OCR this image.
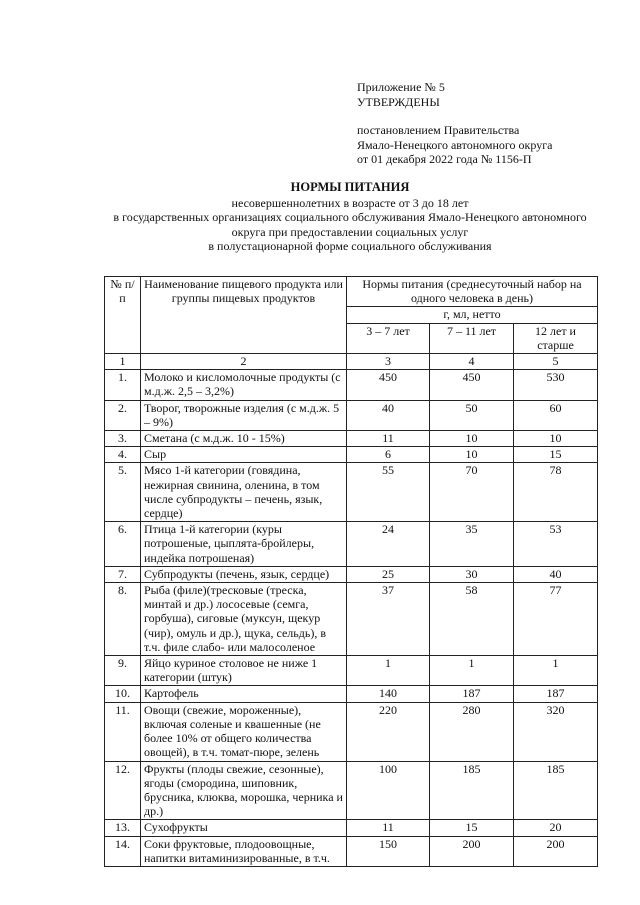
Приложение № 5
УТВЕРЖДЕНЫ
постановлением Правительства
Ямало-Ненецкого автономного округа
от 01 декабря 2022 года № 1156-П
НОРМЫ ПИТАНИЯ
несовершеннолетних в возрасте от 3 до 18 лет
в государственных организациях социального обслуживания Ямало-Ненецкого автономного
округа при предоставлении социальных услуг
в полустационарной форме социального обслуживания
№ п/п	Наименование пищевого продукта или группы пищевых продуктов	Нормы питания (среднесуточный набор на одного человека в день)		
		г, мл, нетто		
		3 – 7 лет	7 – 11 лет	12 лет и старше
1	2	3	4	5
1.	Молоко и кисломолочные продукты (с м.д.ж. 2,5 – 3,2%)	450	450	530
2.	Творог, творожные изделия (с м.д.ж. 5 – 9%)	40	50	60
3.	Сметана (с м.д.ж. 10 - 15%)	11	10	10
4.	Сыр	6	10	15
5.	Мясо 1-й категории (говядина, нежирная свинина, оленина, в том числе субпродукты – печень, язык, сердце)	55	70	78
6.	Птица 1-й категории (куры потрошеные, цыплята-бройлеры, индейка потрошеная)	24	35	53
7.	Субпродукты (печень, язык, сердце)	25	30	40
8.	Рыба (филе)(тресковые (треска, минтай и др.) лососевые (семга, горбуша), сиговые (муксун, щекур (чир), омуль и др.), щука, сельдь), в т.ч. филе слабо- или малосоленое	37	58	77
9.	Яйцо куриное столовое не ниже 1 категории (штук)	1	1	1
10.	Картофель	140	187	187
11.	Овощи (свежие, мороженные), включая соленые и квашенные (не более 10% от общего количества овощей), в т.ч. томат-пюре, зелень	220	280	320
12.	Фрукты (плоды свежие, сезонные), ягоды (смородина, шиповник, брусника, клюква, морошка, черника и др.)	100	185	185
13.	Сухофрукты	11	15	20
14.	Соки фруктовые, плодоовощные, напитки витаминизированные, в т.ч.	150	200	200
